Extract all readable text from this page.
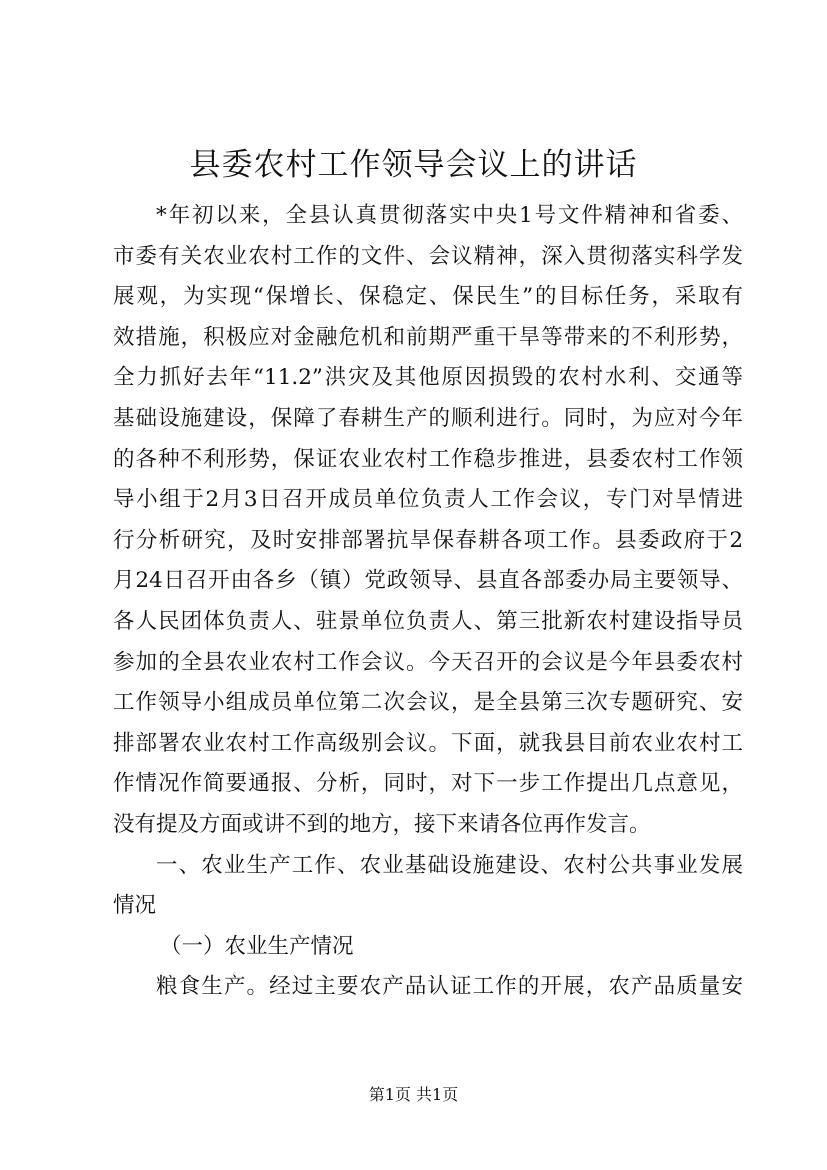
县委农村工作领导会议上的讲话
*年初以来，全县认真贯彻落实中央1号文件精神和省委、
市委有关农业农村工作的文件、会议精神，深入贯彻落实科学发
展观，为实现“保增长、保稳定、保民生”的目标任务，采取有
效措施，积极应对金融危机和前期严重干旱等带来的不利形势，
全力抓好去年“11.2”洪灾及其他原因损毁的农村水利、交通等
基础设施建设，保障了春耕生产的顺利进行。同时，为应对今年
的各种不利形势，保证农业农村工作稳步推进，县委农村工作领
导小组于2月3日召开成员单位负责人工作会议，专门对旱情进
行分析研究，及时安排部署抗旱保春耕各项工作。县委政府于2
月24日召开由各乡（镇）党政领导、县直各部委办局主要领导、
各人民团体负责人、驻景单位负责人、第三批新农村建设指导员
参加的全县农业农村工作会议。今天召开的会议是今年县委农村
工作领导小组成员单位第二次会议，是全县第三次专题研究、安
排部署农业农村工作高级别会议。下面，就我县目前农业农村工
作情况作简要通报、分析，同时，对下一步工作提出几点意见，
没有提及方面或讲不到的地方，接下来请各位再作发言。
一、农业生产工作、农业基础设施建设、农村公共事业发展
情况
（一）农业生产情况
粮食生产。经过主要农产品认证工作的开展，农产品质量安
第1页 共1页
